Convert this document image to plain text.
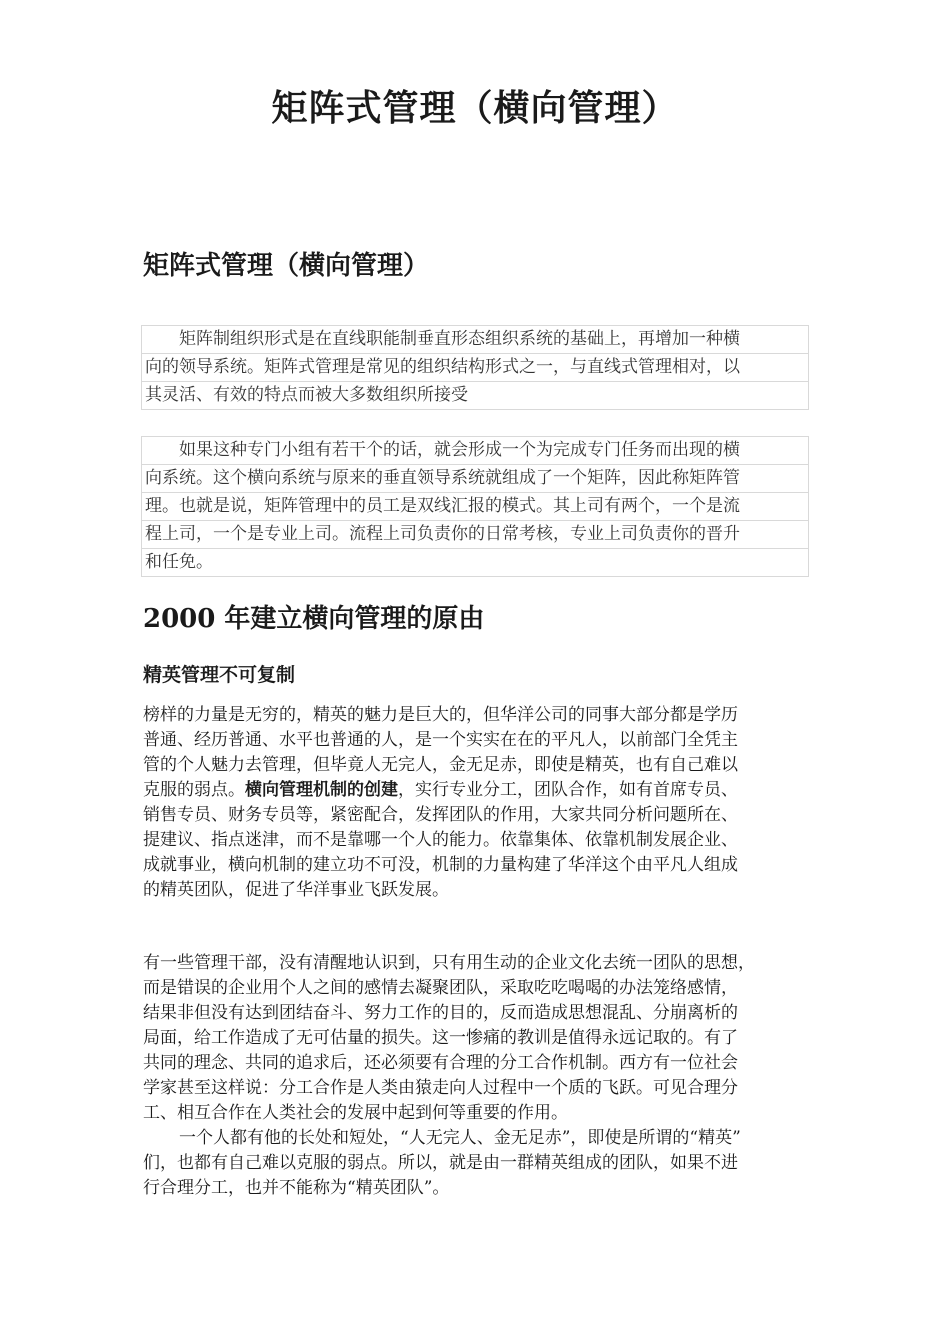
矩阵式管理（横向管理）
矩阵式管理（横向管理）
　　矩阵制组织形式是在直线职能制垂直形态组织系统的基础上，再增加一种横
向的领导系统。矩阵式管理是常见的组织结构形式之一，与直线式管理相对，以
其灵活、有效的特点而被大多数组织所接受
　　如果这种专门小组有若干个的话，就会形成一个为完成专门任务而出现的横
向系统。这个横向系统与原来的垂直领导系统就组成了一个矩阵，因此称矩阵管
理。也就是说，矩阵管理中的员工是双线汇报的模式。其上司有两个，一个是流
程上司，一个是专业上司。流程上司负责你的日常考核，专业上司负责你的晋升
和任免。
2000 年建立横向管理的原由
精英管理不可复制
榜样的力量是无穷的，精英的魅力是巨大的，但华洋公司的同事大部分都是学历
普通、经历普通、水平也普通的人，是一个实实在在的平凡人，以前部门全凭主
管的个人魅力去管理，但毕竟人无完人，金无足赤，即使是精英，也有自己难以
克服的弱点。横向管理机制的创建，实行专业分工，团队合作，如有首席专员、
销售专员、财务专员等，紧密配合，发挥团队的作用，大家共同分析问题所在、
提建议、指点迷津，而不是靠哪一个人的能力。依靠集体、依靠机制发展企业、
成就事业，横向机制的建立功不可没，机制的力量构建了华洋这个由平凡人组成
的精英团队，促进了华洋事业飞跃发展。
有一些管理干部，没有清醒地认识到，只有用生动的企业文化去统一团队的思想，
而是错误的企业用个人之间的感情去凝聚团队，采取吃吃喝喝的办法笼络感情，
结果非但没有达到团结奋斗、努力工作的目的，反而造成思想混乱、分崩离析的
局面，给工作造成了无可估量的损失。这一惨痛的教训是值得永远记取的。有了
共同的理念、共同的追求后，还必须要有合理的分工合作机制。西方有一位社会
学家甚至这样说：分工合作是人类由猿走向人过程中一个质的飞跃。可见合理分
工、相互合作在人类社会的发展中起到何等重要的作用。
一个人都有他的长处和短处，“人无完人、金无足赤”，即使是所谓的“精英”
们，也都有自己难以克服的弱点。所以，就是由一群精英组成的团队，如果不进
行合理分工，也并不能称为“精英团队”。
